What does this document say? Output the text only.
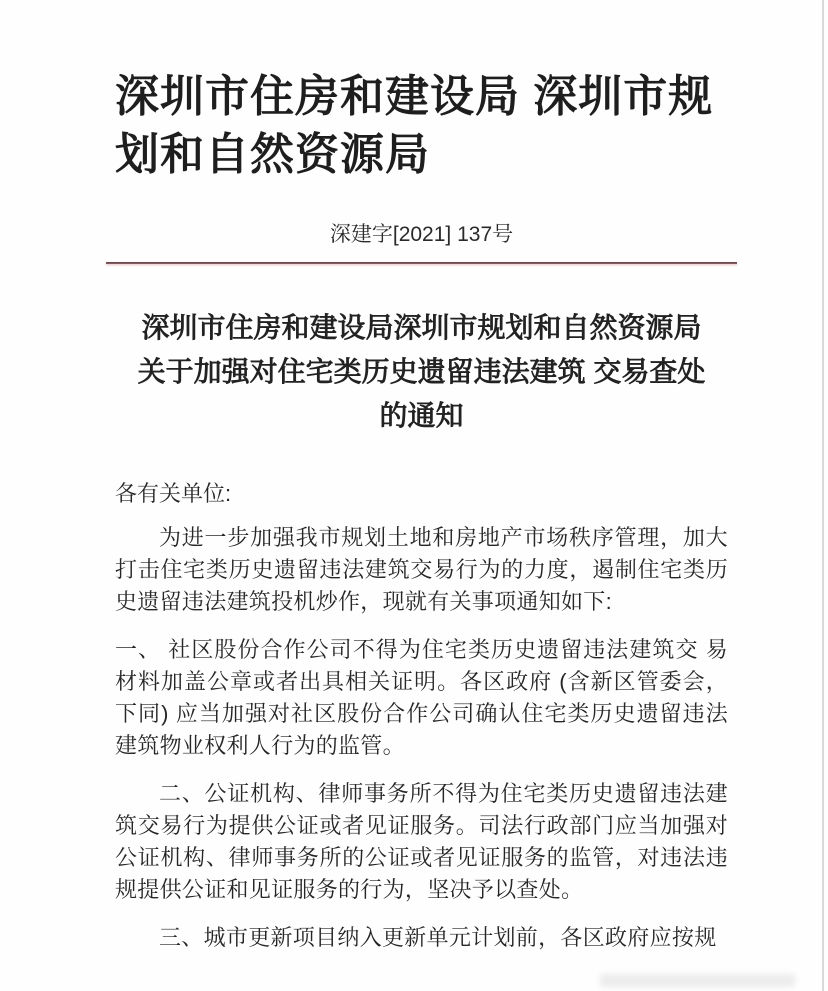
深圳市住房和建设局 深圳市规
划和自然资源局
深建字[2021] 137号
深圳市住房和建设局深圳市规划和自然资源局
关于加强对住宅类历史遗留违法建筑 交易查处
的通知

各有关单位:

为进一步加强我市规划土地和房地产市场秩序管理，加大打击住宅类历史遗留违法建筑交易行为的力度，遏制住宅类历史遗留违法建筑投机炒作，现就有关事项通知如下:

一、 社区股份合作公司不得为住宅类历史遗留违法建筑交 易材料加盖公章或者出具相关证明。各区政府 (含新区管委会，下同) 应当加强对社区股份合作公司确认住宅类历史遗留违法建筑物业权利人行为的监管。

二、公证机构、律师事务所不得为住宅类历史遗留违法建筑交易行为提供公证或者见证服务。司法行政部门应当加强对公证机构、律师事务所的公证或者见证服务的监管，对违法违规提供公证和见证服务的行为，坚决予以查处。

三、城市更新项目纳入更新单元计划前，各区政府应按规
